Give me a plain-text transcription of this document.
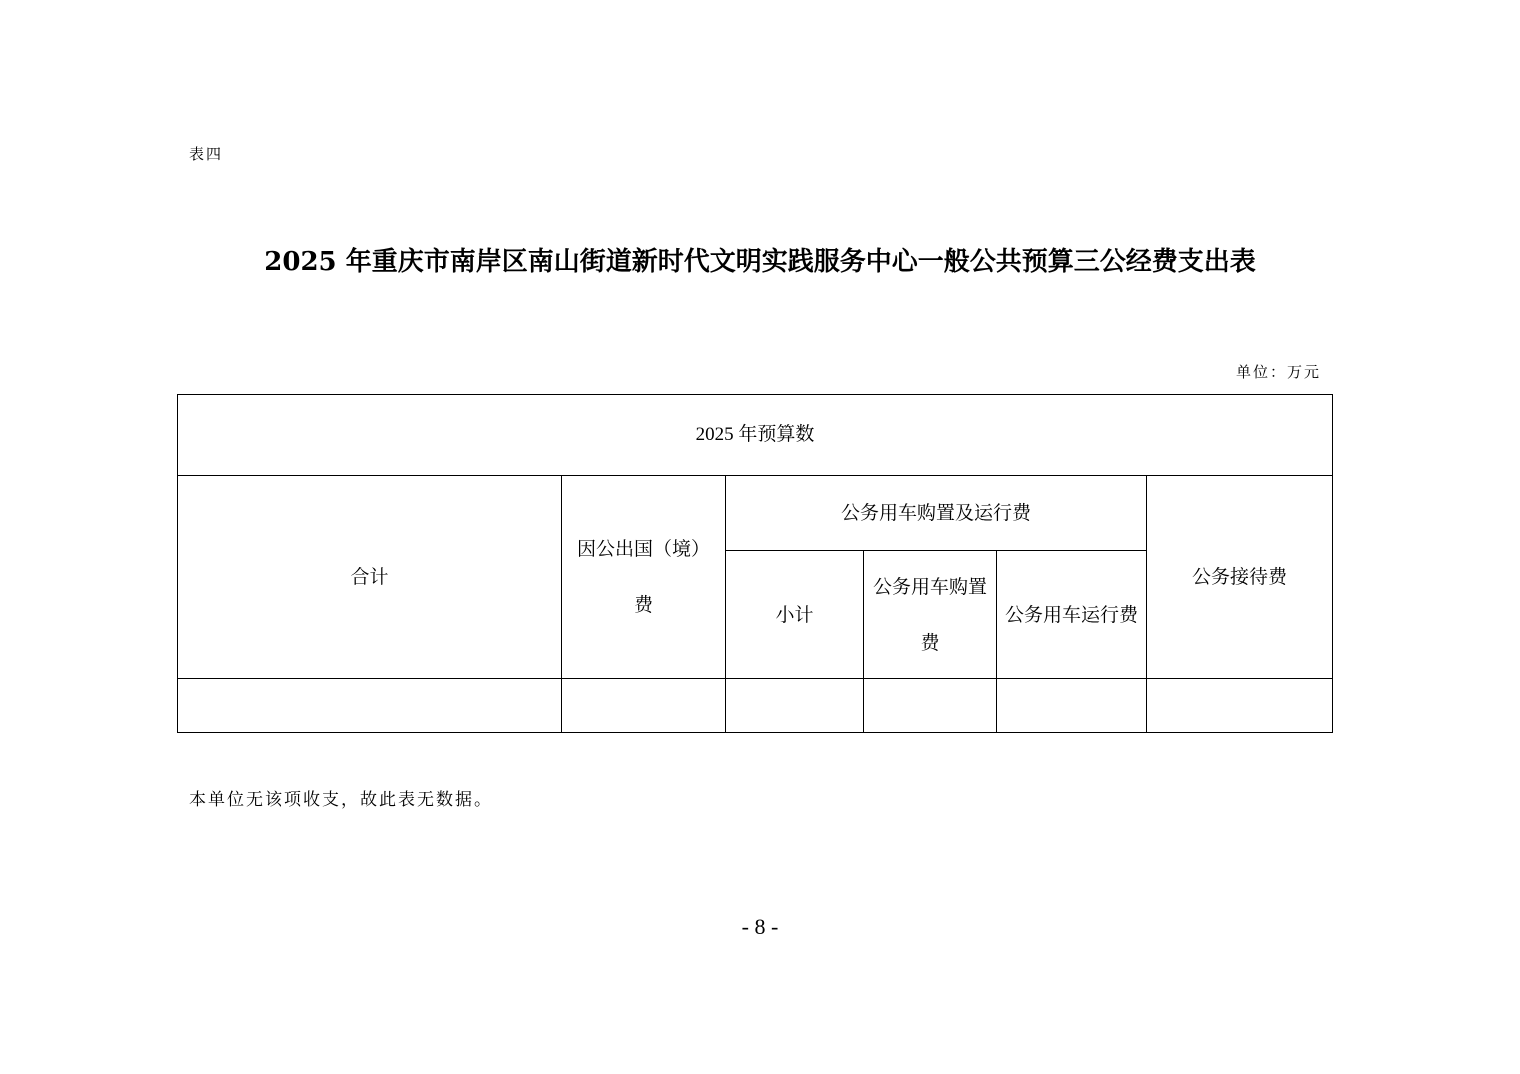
表四
2025 年重庆市南岸区南山街道新时代文明实践服务中心一般公共预算三公经费支出表
单位：万元
2025 年预算数					
合计	因公出国（境）费	公务用车购置及运行费			公务接待费
		小计	公务用车购置费	公务用车运行费	

本单位无该项收支，故此表无数据。
- 8 -
